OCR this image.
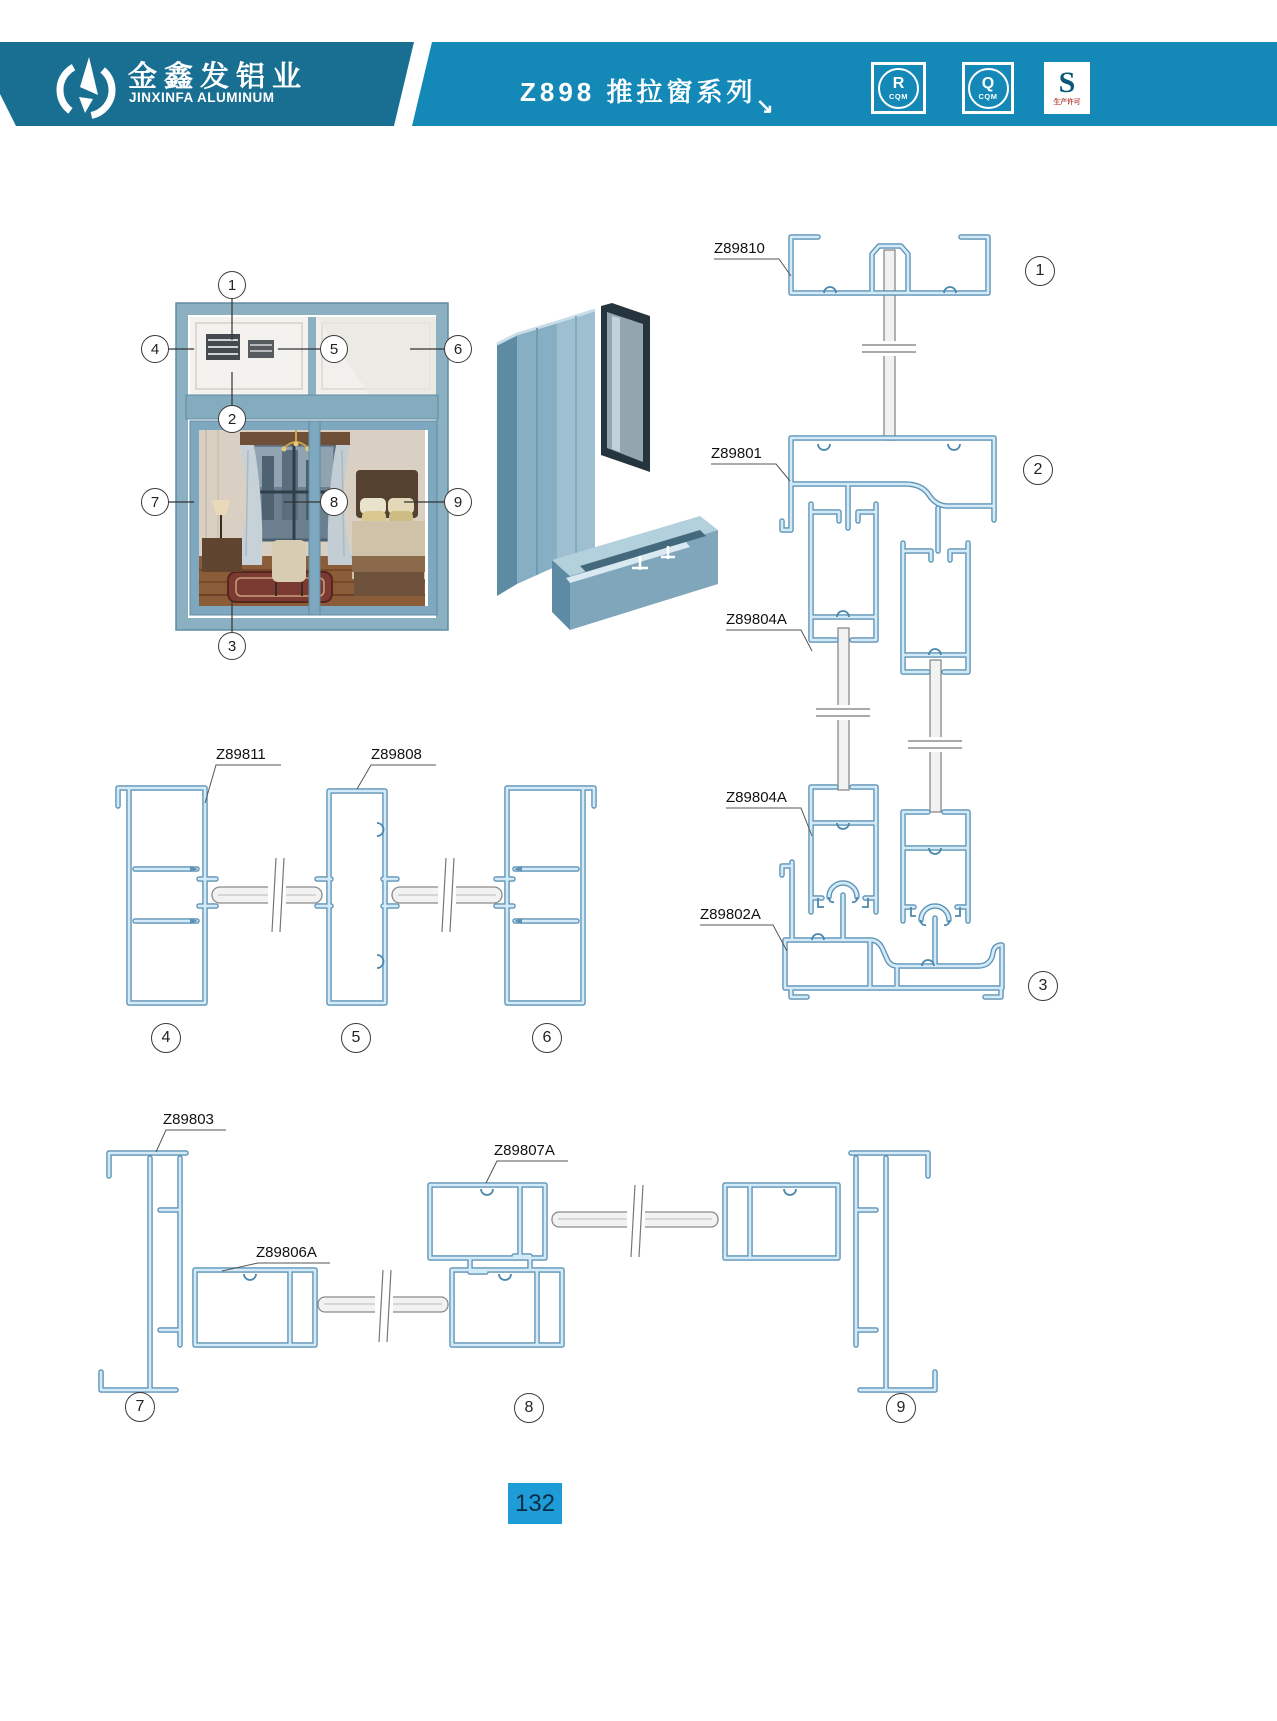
金鑫发铝业
JINXINFA ALUMINUM	Z898 推拉窗系列 ↘
R
CQM
Q
CQM S
生产许可
1
2
3
4	5	6
7	8	9
Z89810
Z89801
Z89804A
Z89804A
Z89802A
Z89811	Z89808
Z89803
Z89806A
Z89807A
1
2
3
4	5	6
7	8	9
132
